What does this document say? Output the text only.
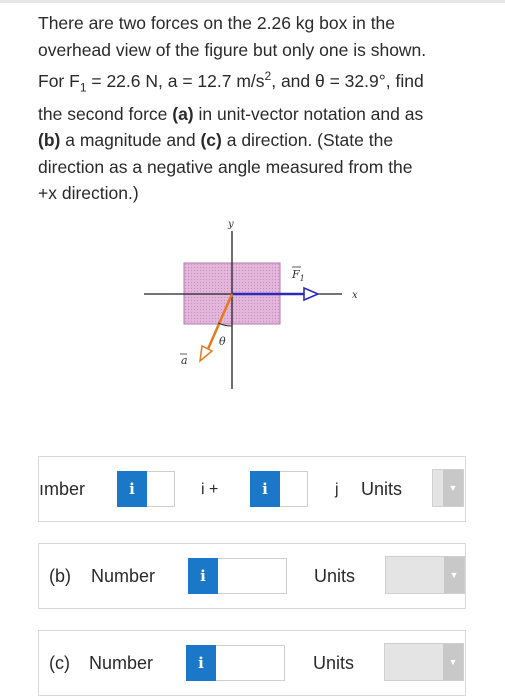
There are two forces on the 2.26 kg box in the
overhead view of the figure but only one is shown.
For $F_1 = 22.6$ N, a = 12.7 $m/s^2$, and θ = 32.9°, find
the second force (a) in unit-vector notation and as
(b) a magnitude and (c) a direction. (State the
direction as a negative angle measured from the
+x direction.)
y
x
$F_1$
a
θ
ımber	i	i +	i	j Units	▼
(b) Number	i	Units	▼
(c) Number	i	Units	▼
